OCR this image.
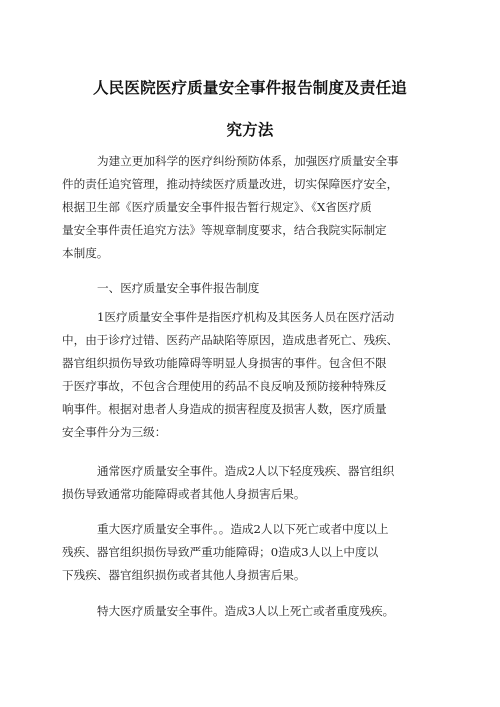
人民医院医疗质量安全事件报告制度及责任追
究方法

为建立更加科学的医疗纠纷预防体系，加强医疗质量安全事

件的责任追究管理，推动持续医疗质量改进，切实保障医疗安全，

根据卫生部《医疗质量安全事件报告暂行规定》、《X省医疗质

量安全事件责任追究方法》等规章制度要求，结合我院实际制定

本制度。

一、医疗质量安全事件报告制度

1医疗质量安全事件是指医疗机构及其医务人员在医疗活动

中，由于诊疗过错、医药产品缺陷等原因，造成患者死亡、残疾、

器官组织损伤导致功能障碍等明显人身损害的事件。包含但不限

于医疗事故，不包含合理使用的药品不良反响及预防接种特殊反

响事件。根据对患者人身造成的损害程度及损害人数，医疗质量

安全事件分为三级：

通常医疗质量安全事件。造成2人以下轻度残疾、器官组织

损伤导致通常功能障碍或者其他人身损害后果。

重大医疗质量安全事件。。造成2人以下死亡或者中度以上

残疾、器官组织损伤导致严重功能障碍；0造成3人以上中度以

下残疾、器官组织损伤或者其他人身损害后果。

特大医疗质量安全事件。造成3人以上死亡或者重度残疾。
